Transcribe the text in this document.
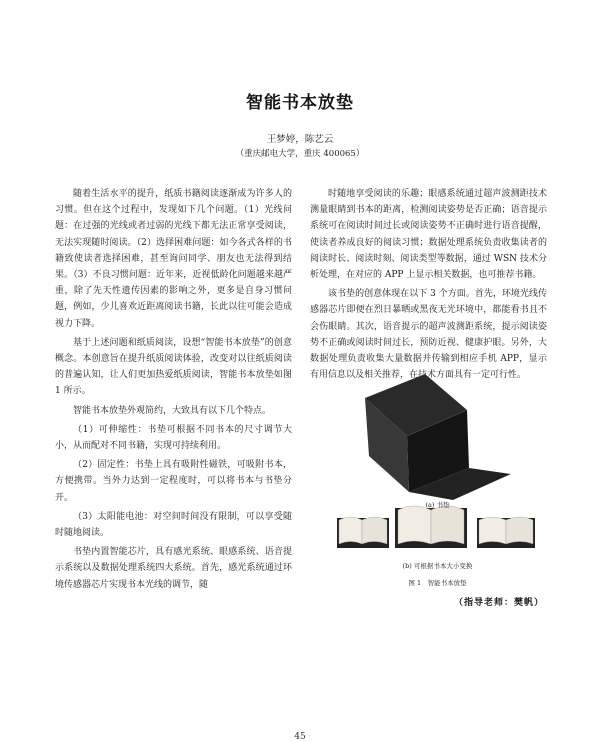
智能书本放垫
王梦婷，陈艺云
（重庆邮电大学，重庆 400065）

随着生活水平的提升，纸质书籍阅读逐渐成为许多人的习惯。但在这个过程中，发现如下几个问题。（1）光线问题：在过强的光线或者过弱的光线下都无法正常享受阅读，无法实现随时阅读。（2）选择困难问题：如今各式各样的书籍致使读者选择困难，甚至询问同学、朋友也无法得到结果。（3）不良习惯问题：近年来，近视低龄化问题越来越严重，除了先天性遗传因素的影响之外，更多是自身习惯问题，例如，少儿喜欢近距离阅读书籍，长此以往可能会造成视力下降。

基于上述问题和纸质阅读，设想“智能书本放垫”的创意概念。本创意旨在提升纸质阅读体验，改变对以往纸质阅读的普遍认知，让人们更加热爱纸质阅读，智能书本放垫如图 1 所示。

智能书本放垫外观简约，大致具有以下几个特点。

（1）可伸缩性：书垫可根据不同书本的尺寸调节大小，从而配对不同书籍，实现可持续利用。

（2）固定性：书垫上具有吸附性磁铁，可吸附书本，方便携带。当外力达到一定程度时，可以将书本与书垫分开。

（3）太阳能电池：对空间时间没有限制，可以享受随时随地阅读。

书垫内置智能芯片，具有感光系统、眼感系统、语音提示系统以及数据处理系统四大系统。首先，感光系统通过环境传感器芯片实现书本光线的调节，随

时随地享受阅读的乐趣；眼感系统通过超声波测距技术测量眼睛到书本的距离，检测阅读姿势是否正确；语音提示系统可在阅读时间过长或阅读姿势不正确时进行语音提醒，使读者养成良好的阅读习惯；数据处理系统负责收集读者的阅读时长、阅读时刻、阅读类型等数据，通过 WSN 技术分析处理，在对应的 APP 上显示相关数据，也可推荐书籍。

该书垫的创意体现在以下 3 个方面。首先，环境光线传感器芯片即便在烈日暴晒或黑夜无光环境中，都能看书且不会伤眼睛。其次，语音提示的超声波测距系统，提示阅读姿势不正确或阅读时间过长，预防近视、健康护眼。另外，大数据处理负责收集大量数据并传输到相应手机 APP，显示有用信息以及相关推荐，在技术方面具有一定可行性。

(a) 书垫
(b) 可根据书本大小变换
图 1　智能书本放垫
（指导老师：樊帆）
45
